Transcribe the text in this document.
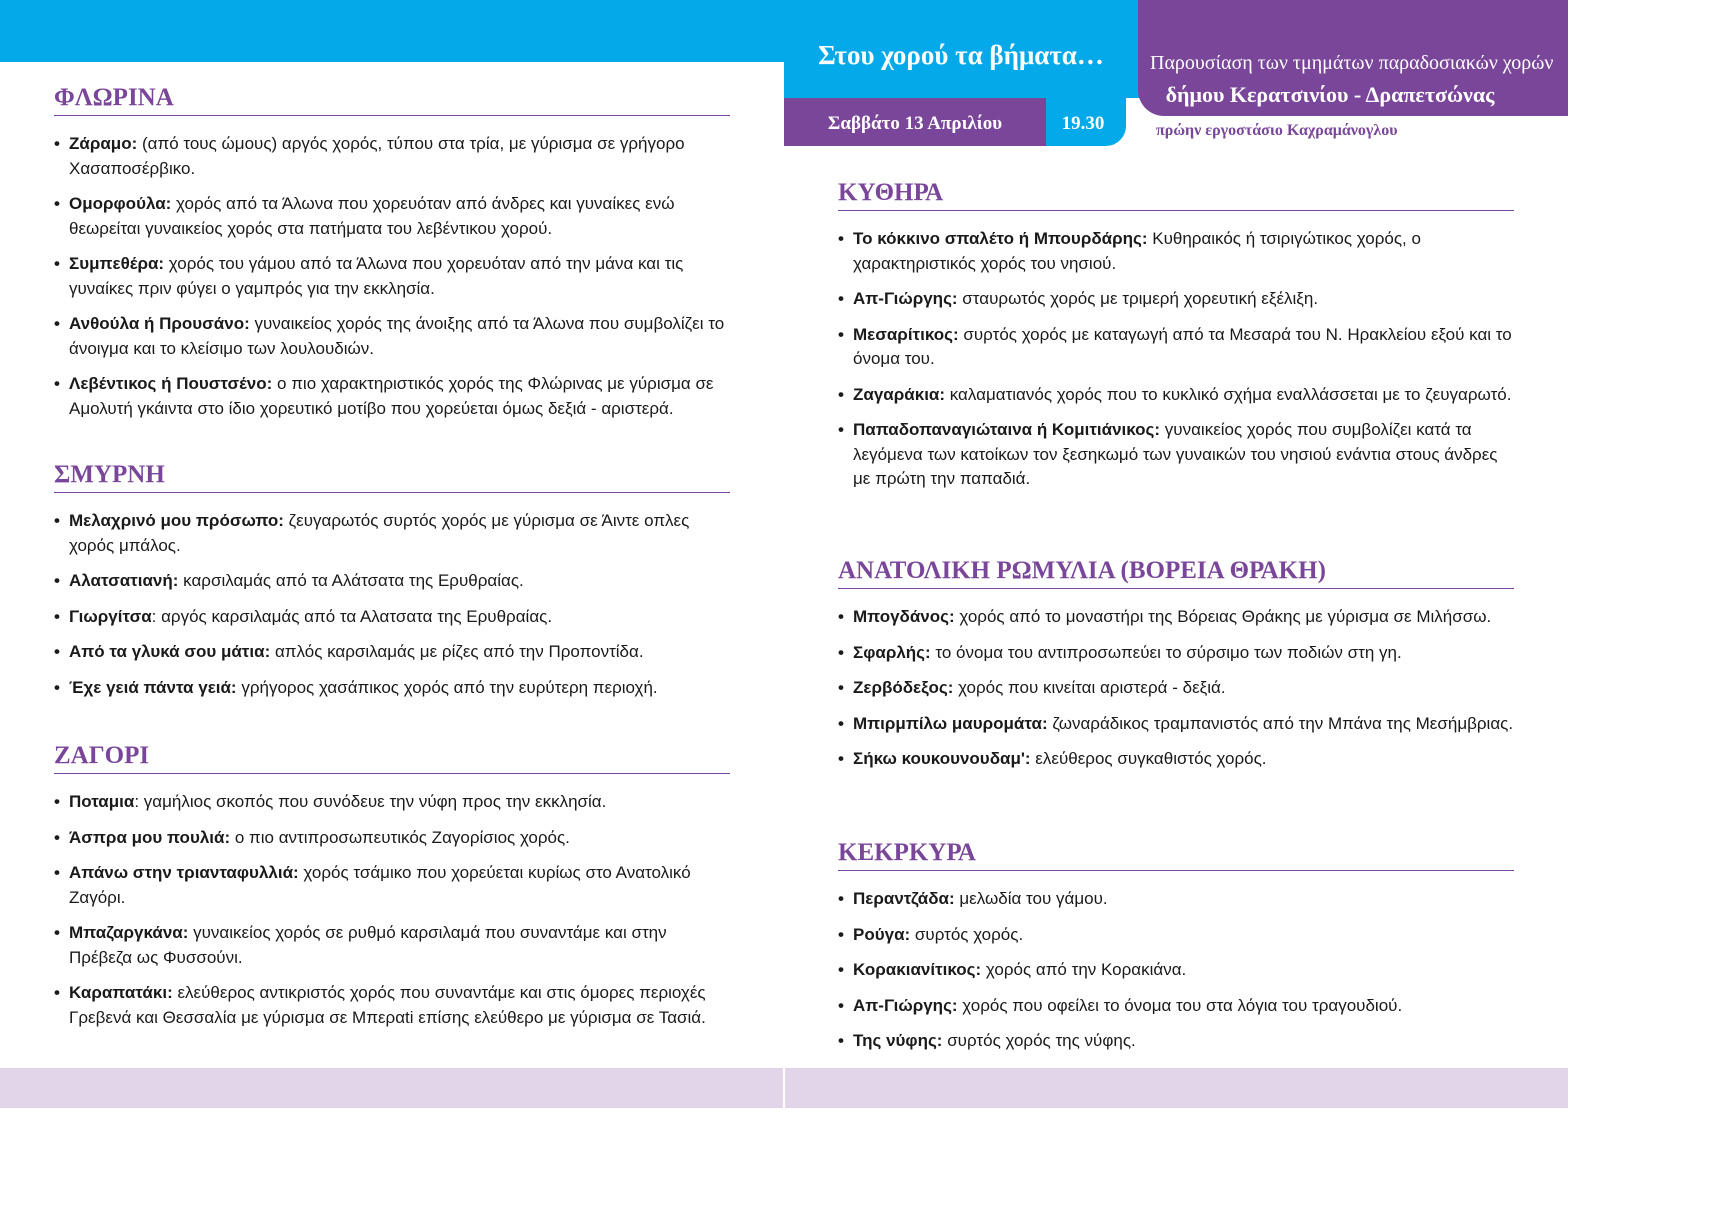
Στου χορού τα βήματα…	Παρουσίαση των τμημάτων παραδοσιακών χορών
δήμου Κερατσινίου - Δραπετσώνας
Σαββάτο 13 Απριλίου	19.30	πρώην εργοστάσιο Καχραμάνογλου
ΦΛΩΡΙΝΑ
• Ζάραμο: (από τους ώμους) αργός χορός, τύπου στα τρία, με γύρισμα σε γρήγορο Χασαποσέρβικο.
• Ομορφούλα: χορός από τα Άλωνα που χορευόταν από άνδρες και γυναίκες ενώ θεωρείται γυναικείος χορός στα πατήματα του λεβέντικου χορού.
• Συμπεθέρα: χορός του γάμου από τα Άλωνα που χορευόταν από την μάνα και τις γυναίκες πριν φύγει ο γαμπρός για την εκκλησία.
• Ανθούλα ή Προυσάνο: γυναικείος χορός της άνοιξης από τα Άλωνα που συμβολίζει το άνοιγμα και το κλείσιμο των λουλουδιών.
• Λεβέντικος ή Πουστσένο: ο πιο χαρακτηριστικός χορός της Φλώρινας με γύρισμα σε Αμολυτή γκάιντα στο ίδιο χορευτικό μοτίβο που χορεύεται όμως δεξιά - αριστερά.
ΣΜΥΡΝΗ
• Μελαχρινό μου πρόσωπο: ζευγαρωτός συρτός χορός με γύρισμα σε Άιντε οπλες χορός μπάλος.
• Αλατσατιανή: καρσιλαμάς από τα Αλάτσατα της Ερυθραίας.
• Γιωργίτσα: αργός καρσιλαμάς από τα Αλατσατα της Ερυθραίας.
• Από τα γλυκά σου μάτια: απλός καρσιλαμάς με ρίζες από την Προποντίδα.
• Έχε γειά πάντα γειά: γρήγορος χασάπικος χορός από την ευρύτερη περιοχή.
ΖΑΓΟΡΙ
• Ποταμια: γαμήλιος σκοπός που συνόδευε την νύφη προς την εκκλησία.
• Άσπρα μου πουλιά: ο πιο αντιπροσωπευτικός Ζαγορίσιος χορός.
• Απάνω στην τριανταφυλλιά: χορός τσάμικο που χορεύεται κυρίως στο Ανατολικό Ζαγόρι.
• Μπαζαργκάνα: γυναικείος χορός σε ρυθμό καρσιλαμά που συναντάμε και στην Πρέβεζα ως Φυσσούνι.
• Καραπατάκι: ελεύθερος αντικριστός χορός που συναντάμε και στις όμορες περιοχές Γρεβενά και Θεσσαλία με γύρισμα σε Μπεραti επίσης ελεύθερο με γύρισμα σε Τασιά.
ΚΥΘΗΡΑ
• Το κόκκινο σπαλέτο ή Μπουρδάρης: Κυθηραικός ή τσιριγώτικος χορός, ο χαρακτηριστικός χορός του νησιού.
• Απ-Γιώργης: σταυρωτός χορός με τριμερή χορευτική εξέλιξη.
• Μεσαρίτικος: συρτός χορός με καταγωγή από τα Μεσαρά του Ν. Ηρακλείου εξού και το όνομα του.
• Ζαγαράκια: καλαματιανός χορός που το κυκλικό σχήμα εναλλάσσεται με το ζευγαρωτό.
• Παπαδοπαναγιώταινα ή Κομιτιάνικος: γυναικείος χορός που συμβολίζει κατά τα λεγόμενα των κατοίκων τον ξεσηκωμό των γυναικών του νησιού ενάντια στους άνδρες με πρώτη την παπαδιά.
ΑΝΑΤΟΛΙΚΗ ΡΩΜΥΛΙΑ (ΒΟΡΕΙΑ ΘΡΑΚΗ)
• Μπογδάνος: χορός από το μοναστήρι της Βόρειας Θράκης με γύρισμα σε Μιλήσσω.
• Σφαρλής: το όνομα του αντιπροσωπεύει το σύρσιμο των ποδιών στη γη.
• Ζερβόδεξος: χορός που κινείται αριστερά - δεξιά.
• Μπιρμπίλω μαυρομάτα: ζωναράδικος τραμπανιστός από την Μπάνα της Μεσήμβριας.
• Σήκω κουκουνουδαμ': ελεύθερος συγκαθιστός χορός.
ΚΕΚΡΚΥΡΑ
• Περαντζάδα: μελωδία του γάμου.
• Ρούγα: συρτός χορός.
• Κορακιανίτικος: χορός από την Κορακιάνα.
• Απ-Γιώργης: χορός που οφείλει το όνομα του στα λόγια του τραγουδιού.
• Της νύφης: συρτός χορός της νύφης.
